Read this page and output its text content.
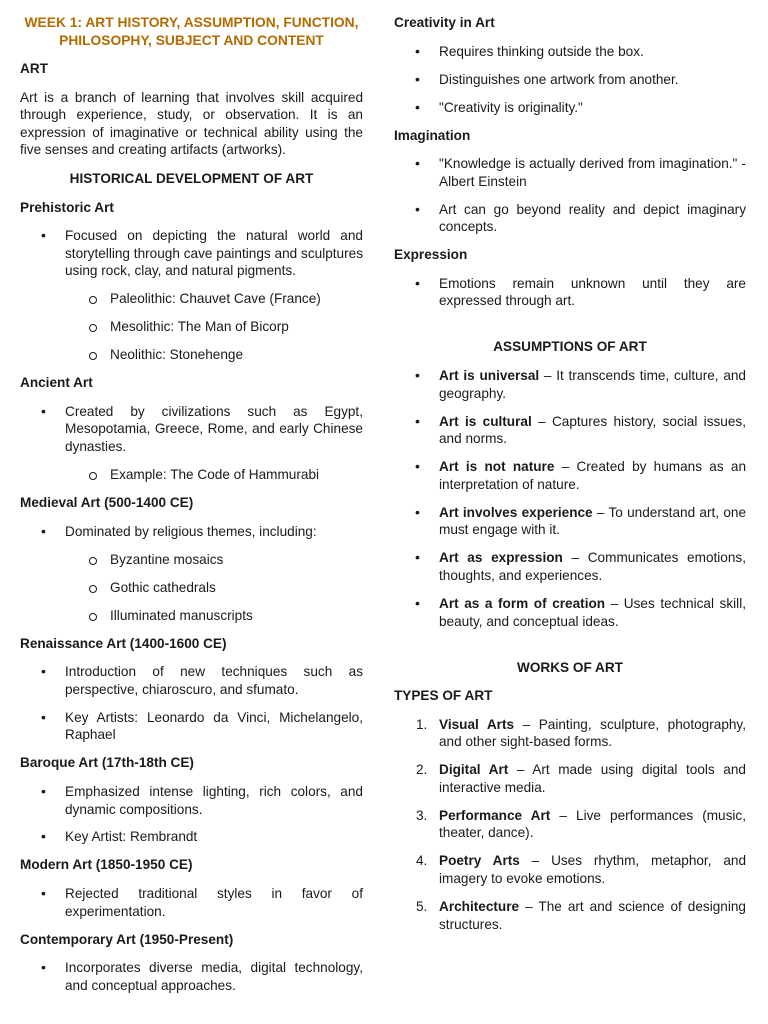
WEEK 1: ART HISTORY, ASSUMPTION, FUNCTION, PHILOSOPHY, SUBJECT AND CONTENT
ART
Art is a branch of learning that involves skill acquired through experience, study, or observation. It is an expression of imaginative or technical ability using the five senses and creating artifacts (artworks).
HISTORICAL DEVELOPMENT OF ART
Prehistoric Art
• Focused on depicting the natural world and storytelling through cave paintings and sculptures using rock, clay, and natural pigments.
Paleolithic: Chauvet Cave (France)
Mesolithic: The Man of Bicorp
Neolithic: Stonehenge
Ancient Art
• Created by civilizations such as Egypt, Mesopotamia, Greece, Rome, and early Chinese dynasties.
Example: The Code of Hammurabi
Medieval Art (500-1400 CE)
• Dominated by religious themes, including:
Byzantine mosaics
Gothic cathedrals
Illuminated manuscripts
Renaissance Art (1400-1600 CE)
• Introduction of new techniques such as perspective, chiaroscuro, and sfumato.
• Key Artists: Leonardo da Vinci, Michelangelo, Raphael
Baroque Art (17th-18th CE)
• Emphasized intense lighting, rich colors, and dynamic compositions.
• Key Artist: Rembrandt
Modern Art (1850-1950 CE)
• Rejected traditional styles in favor of experimentation.
Contemporary Art (1950-Present)
• Incorporates diverse media, digital technology, and conceptual approaches.
Creativity in Art
• Requires thinking outside the box.
• Distinguishes one artwork from another.
• "Creativity is originality."
Imagination
• "Knowledge is actually derived from imagination." - Albert Einstein
• Art can go beyond reality and depict imaginary concepts.
Expression
• Emotions remain unknown until they are expressed through art.
ASSUMPTIONS OF ART
• Art is universal – It transcends time, culture, and geography.
• Art is cultural – Captures history, social issues, and norms.
• Art is not nature – Created by humans as an interpretation of nature.
• Art involves experience – To understand art, one must engage with it.
• Art as expression – Communicates emotions, thoughts, and experiences.
• Art as a form of creation – Uses technical skill, beauty, and conceptual ideas.
WORKS OF ART
TYPES OF ART
1. Visual Arts – Painting, sculpture, photography, and other sight-based forms.
2. Digital Art – Art made using digital tools and interactive media.
3. Performance Art – Live performances (music, theater, dance).
4. Poetry Arts – Uses rhythm, metaphor, and imagery to evoke emotions.
5. Architecture – The art and science of designing structures.
